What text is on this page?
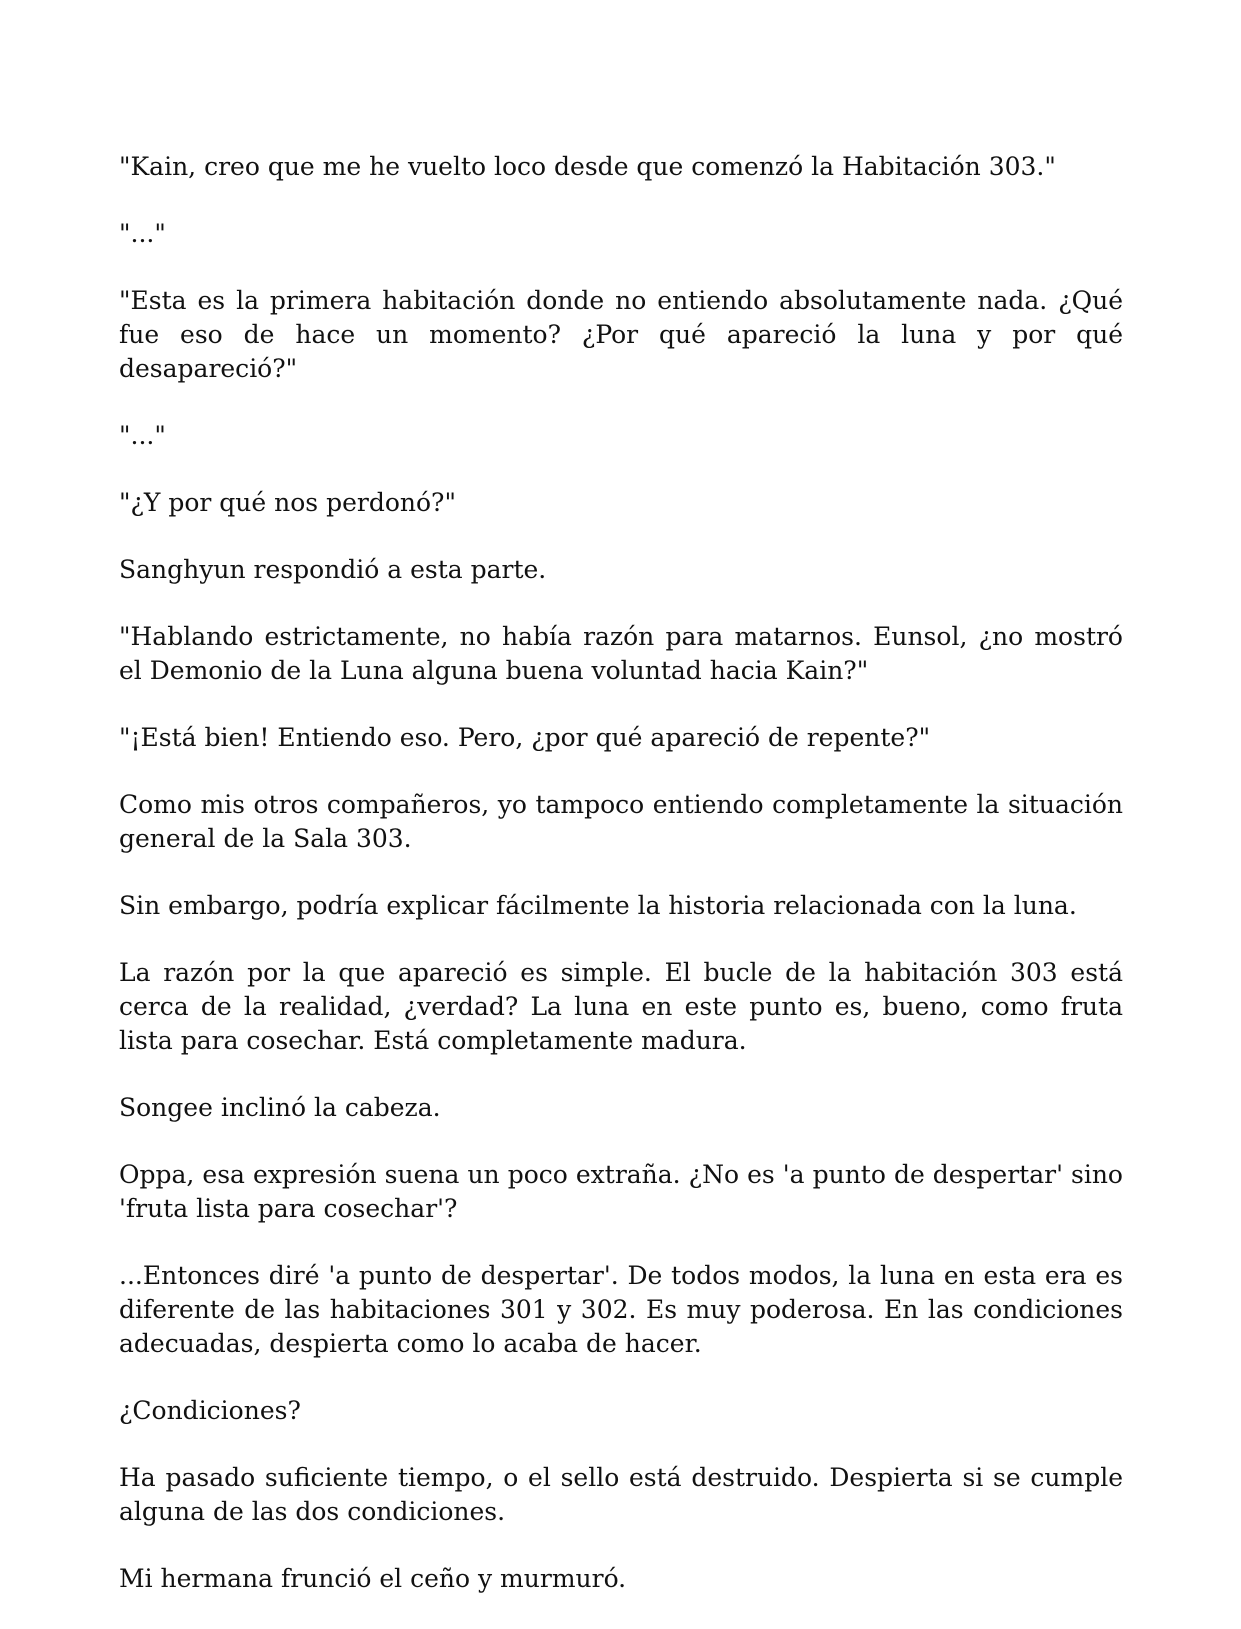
"Kain, creo que me he vuelto loco desde que comenzó la Habitación 303."

"..."

"Esta es la primera habitación donde no entiendo absolutamente nada. ¿Qué fue eso de hace un momento? ¿Por qué apareció la luna y por qué desapareció?"

"..."

"¿Y por qué nos perdonó?"

Sanghyun respondió a esta parte.

"Hablando estrictamente, no había razón para matarnos. Eunsol, ¿no mostró el Demonio de la Luna alguna buena voluntad hacia Kain?"

"¡Está bien! Entiendo eso. Pero, ¿por qué apareció de repente?"

Como mis otros compañeros, yo tampoco entiendo completamente la situación general de la Sala 303.

Sin embargo, podría explicar fácilmente la historia relacionada con la luna.

La razón por la que apareció es simple. El bucle de la habitación 303 está cerca de la realidad, ¿verdad? La luna en este punto es, bueno, como fruta lista para cosechar. Está completamente madura.

Songee inclinó la cabeza.

Oppa, esa expresión suena un poco extraña. ¿No es 'a punto de despertar' sino 'fruta lista para cosechar'?

...Entonces diré 'a punto de despertar'. De todos modos, la luna en esta era es diferente de las habitaciones 301 y 302. Es muy poderosa. En las condiciones adecuadas, despierta como lo acaba de hacer.

¿Condiciones?

Ha pasado suficiente tiempo, o el sello está destruido. Despierta si se cumple alguna de las dos condiciones.

Mi hermana frunció el ceño y murmuró.
